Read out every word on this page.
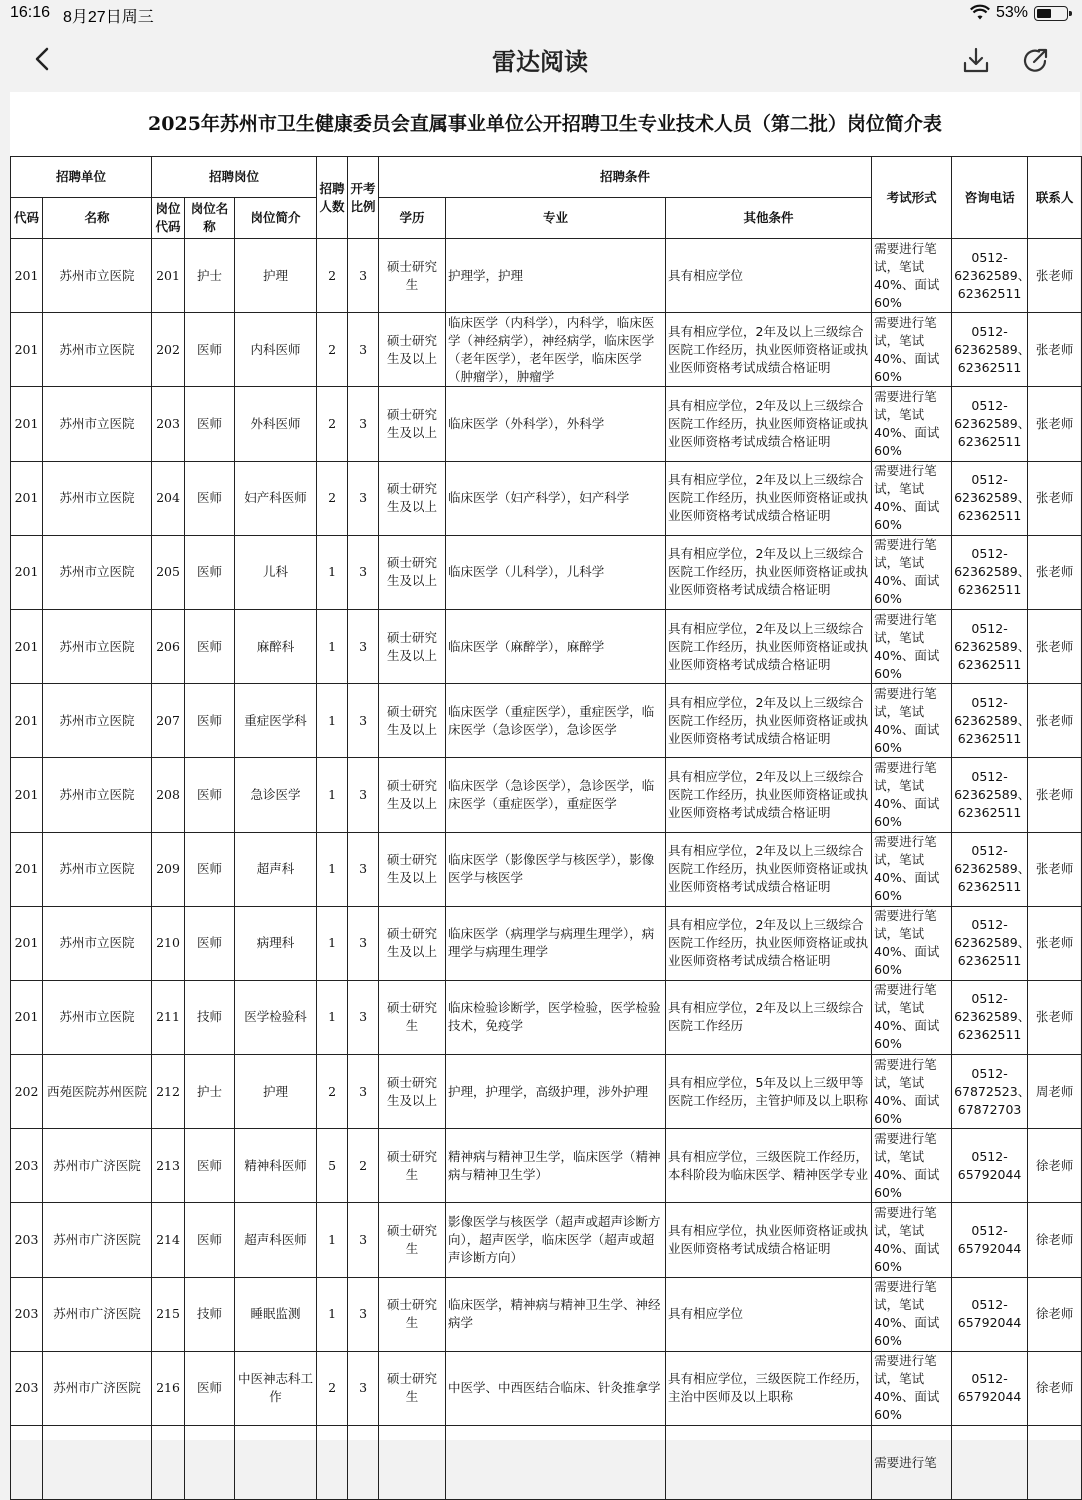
16:16 8月27日周三	53%
雷达阅读
2025年苏州市卫生健康委员会直属事业单位公开招聘卫生专业技术人员（第二批）岗位简介表
招聘单位		招聘岗位			招聘人数	开考比例	招聘条件			考试形式	咨询电话	联系人
代码	名称	岗位代码	岗位名称	岗位简介			学历	专业	其他条件			
201	苏州市立医院	201	护士	护理	2	3	硕士研究生	护理学，护理	具有相应学位	需要进行笔试，笔试40%、面试60%	0512-62362589、62362511	张老师
201	苏州市立医院	202	医师	内科医师	2	3	硕士研究生及以上	临床医学（内科学），内科学，临床医学（神经病学），神经病学，临床医学（老年医学），老年医学，临床医学（肿瘤学），肿瘤学	具有相应学位，2年及以上三级综合医院工作经历，执业医师资格证或执业医师资格考试成绩合格证明	需要进行笔试，笔试40%、面试60%	0512-62362589、62362511	张老师
201	苏州市立医院	203	医师	外科医师	2	3	硕士研究生及以上	临床医学（外科学），外科学	具有相应学位，2年及以上三级综合医院工作经历，执业医师资格证或执业医师资格考试成绩合格证明	需要进行笔试，笔试40%、面试60%	0512-62362589、62362511	张老师
201	苏州市立医院	204	医师	妇产科医师	2	3	硕士研究生及以上	临床医学（妇产科学），妇产科学	具有相应学位，2年及以上三级综合医院工作经历，执业医师资格证或执业医师资格考试成绩合格证明	需要进行笔试，笔试40%、面试60%	0512-62362589、62362511	张老师
201	苏州市立医院	205	医师	儿科	1	3	硕士研究生及以上	临床医学（儿科学），儿科学	具有相应学位，2年及以上三级综合医院工作经历，执业医师资格证或执业医师资格考试成绩合格证明	需要进行笔试，笔试40%、面试60%	0512-62362589、62362511	张老师
201	苏州市立医院	206	医师	麻醉科	1	3	硕士研究生及以上	临床医学（麻醉学），麻醉学	具有相应学位，2年及以上三级综合医院工作经历，执业医师资格证或执业医师资格考试成绩合格证明	需要进行笔试，笔试40%、面试60%	0512-62362589、62362511	张老师
201	苏州市立医院	207	医师	重症医学科	1	3	硕士研究生及以上	临床医学（重症医学），重症医学，临床医学（急诊医学），急诊医学	具有相应学位，2年及以上三级综合医院工作经历，执业医师资格证或执业医师资格考试成绩合格证明	需要进行笔试，笔试40%、面试60%	0512-62362589、62362511	张老师
201	苏州市立医院	208	医师	急诊医学	1	3	硕士研究生及以上	临床医学（急诊医学），急诊医学，临床医学（重症医学），重症医学	具有相应学位，2年及以上三级综合医院工作经历，执业医师资格证或执业医师资格考试成绩合格证明	需要进行笔试，笔试40%、面试60%	0512-62362589、62362511	张老师
201	苏州市立医院	209	医师	超声科	1	3	硕士研究生及以上	临床医学（影像医学与核医学），影像医学与核医学	具有相应学位，2年及以上三级综合医院工作经历，执业医师资格证或执业医师资格考试成绩合格证明	需要进行笔试，笔试40%、面试60%	0512-62362589、62362511	张老师
201	苏州市立医院	210	医师	病理科	1	3	硕士研究生及以上	临床医学（病理学与病理生理学），病理学与病理生理学	具有相应学位，2年及以上三级综合医院工作经历，执业医师资格证或执业医师资格考试成绩合格证明	需要进行笔试，笔试40%、面试60%	0512-62362589、62362511	张老师
201	苏州市立医院	211	技师	医学检验科	1	3	硕士研究生	临床检验诊断学，医学检验，医学检验技术，免疫学	具有相应学位，2年及以上三级综合医院工作经历	需要进行笔试，笔试40%、面试60%	0512-62362589、62362511	张老师
202	西苑医院苏州医院	212	护士	护理	2	3	硕士研究生及以上	护理，护理学，高级护理，涉外护理	具有相应学位，5年及以上三级甲等医院工作经历，主管护师及以上职称	需要进行笔试，笔试40%、面试60%	0512-67872523、67872703	周老师
203	苏州市广济医院	213	医师	精神科医师	5	2	硕士研究生	精神病与精神卫生学，临床医学（精神病与精神卫生学）	具有相应学位，三级医院工作经历，本科阶段为临床医学、精神医学专业	需要进行笔试，笔试40%、面试60%	0512-65792044	徐老师
203	苏州市广济医院	214	医师	超声科医师	1	3	硕士研究生	影像医学与核医学（超声或超声诊断方向），超声医学，临床医学（超声或超声诊断方向）	具有相应学位，执业医师资格证或执业医师资格考试成绩合格证明	需要进行笔试，笔试40%、面试60%	0512-65792044	徐老师
203	苏州市广济医院	215	技师	睡眠监测	1	3	硕士研究生	临床医学，精神病与精神卫生学、神经病学	具有相应学位	需要进行笔试，笔试40%、面试60%	0512-65792044	徐老师
203	苏州市广济医院	216	医师	中医神志科工作	2	3	硕士研究生	中医学、中西医结合临床、针灸推拿学	具有相应学位，三级医院工作经历，主治中医师及以上职称	需要进行笔试，笔试40%、面试60%	0512-65792044	徐老师
										需要进行笔		
